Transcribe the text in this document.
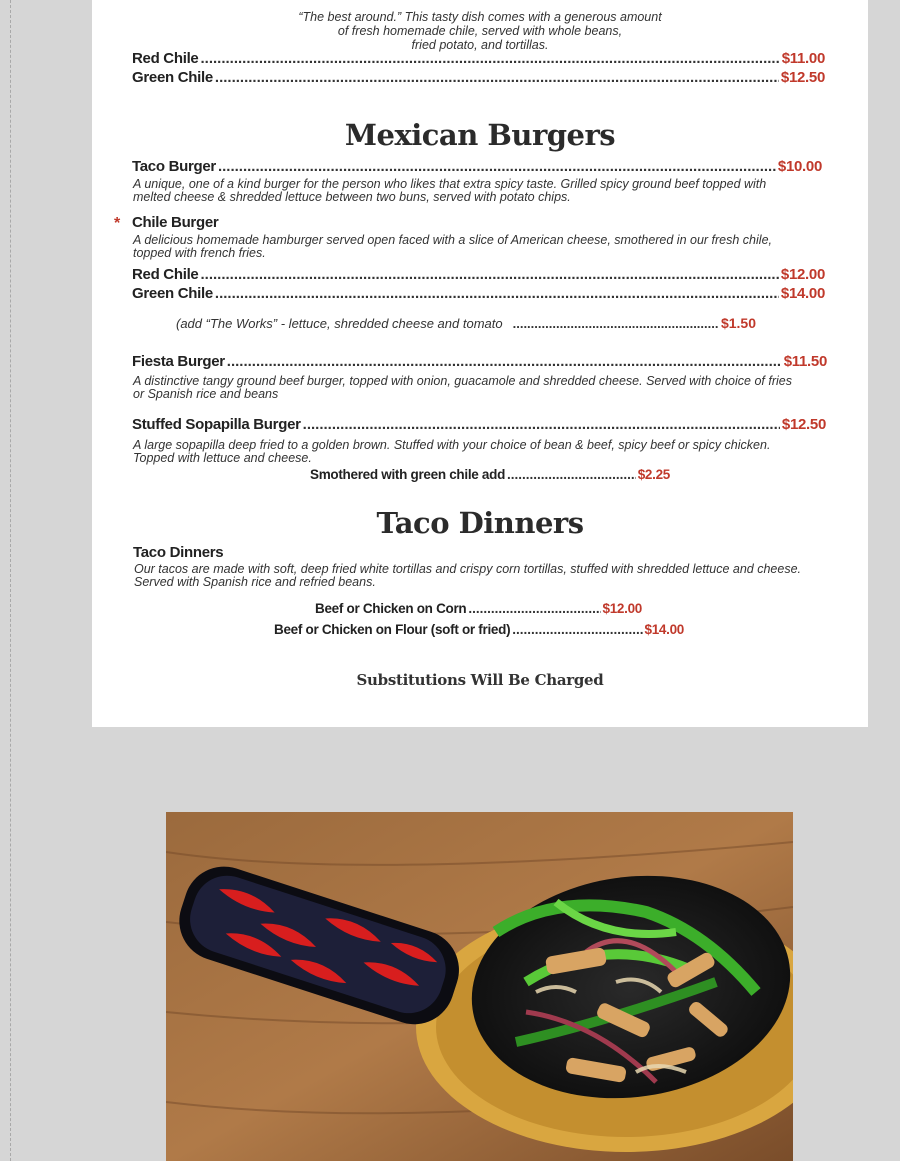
“The best around.” This tasty dish comes with a generous amount
of fresh homemade chile, served with whole beans,
fried potato, and tortillas.
Red Chile .....	$11.00
Green Chile .....	$12.50
Mexican Burgers
Taco Burger .....	$10.00
A unique, one of a kind burger for the person who likes that extra spicy taste. Grilled spicy ground beef topped with melted cheese & shredded lettuce between two buns, served with potato chips.
* Chile Burger
A delicious homemade hamburger served open faced with a slice of American cheese, smothered in our fresh chile, topped with french fries.
Red Chile .....	$12.00
Green Chile .....	$14.00
(add “The Works” - lettuce, shredded cheese and tomato .....	$1.50
Fiesta Burger .....	$11.50
A distinctive tangy ground beef burger, topped with onion, guacamole and shredded cheese. Served with choice of fries or Spanish rice and beans
Stuffed Sopapilla Burger .....	$12.50
A large sopapilla deep fried to a golden brown. Stuffed with your choice of bean & beef, spicy beef or spicy chicken. Topped with lettuce and cheese.
Smothered with green chile add .....	$2.25
Taco Dinners
Taco Dinners
Our tacos are made with soft, deep fried white tortillas and crispy corn tortillas, stuffed with shredded lettuce and cheese. Served with Spanish rice and refried beans.
Beef or Chicken on Corn .....	$12.00
Beef or Chicken on Flour (soft or fried) .....	$14.00
Substitutions Will Be Charged
